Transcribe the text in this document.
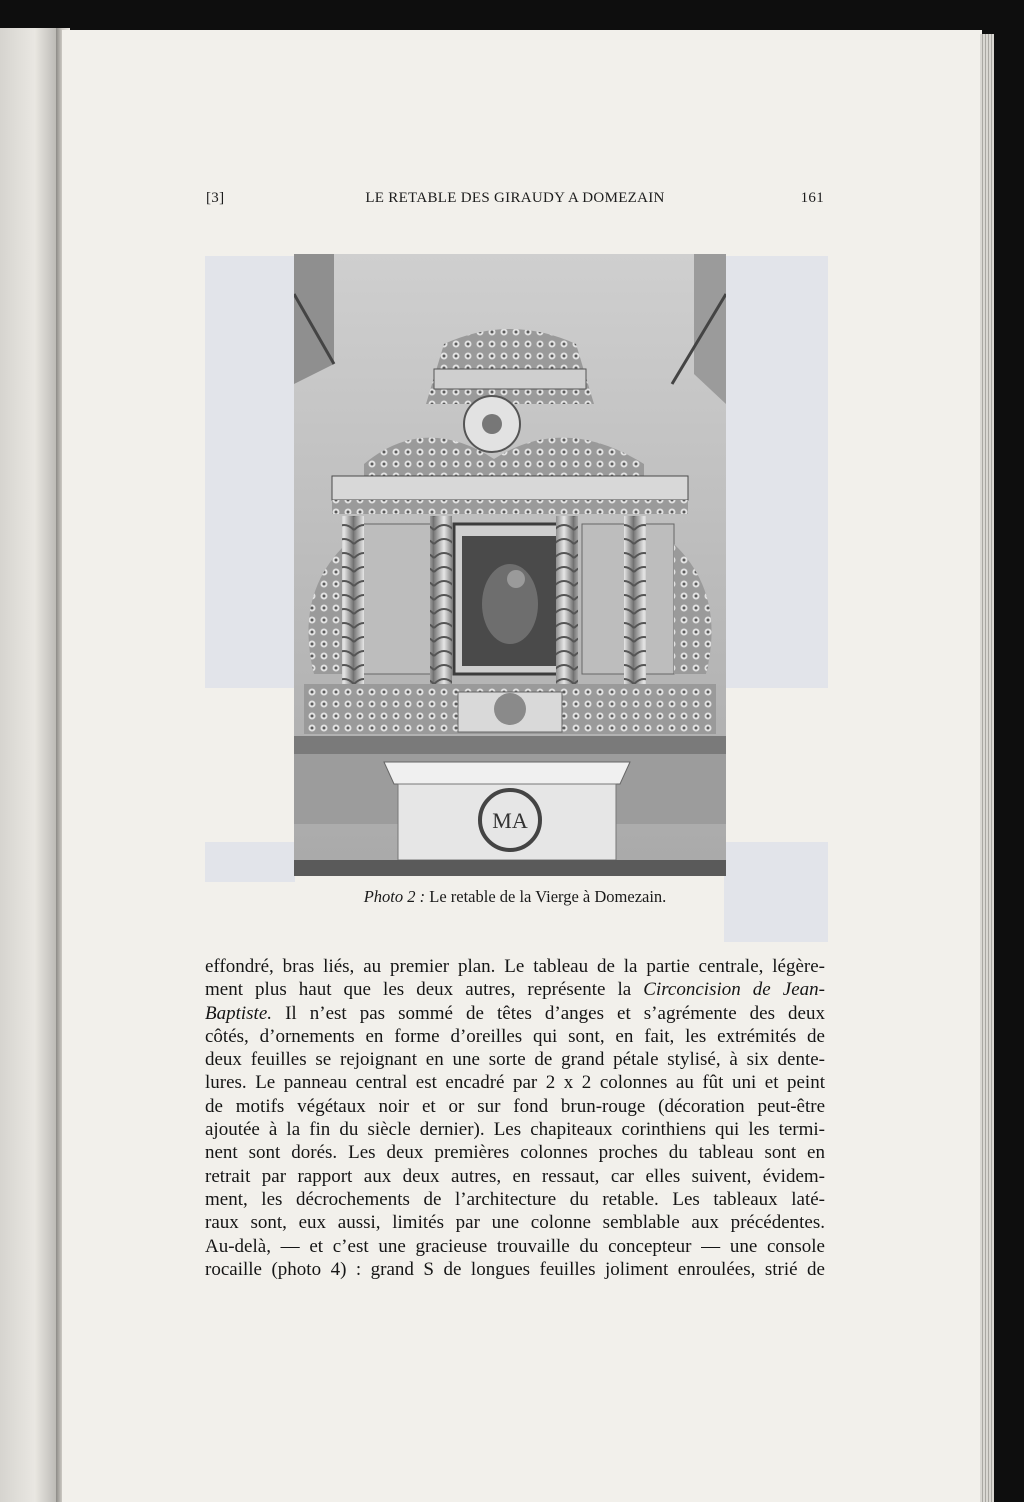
[3]	LE RETABLE DES GIRAUDY A DOMEZAIN	161
MA
Photo 2 : Le retable de la Vierge à Domezain.
effondré, bras liés, au premier plan. Le tableau de la partie centrale, légère-
ment plus haut que les deux autres, représente la Circoncision de Jean-
Baptiste. Il n’est pas sommé de têtes d’anges et s’agrémente des deux
côtés, d’ornements en forme d’oreilles qui sont, en fait, les extrémités de
deux feuilles se rejoignant en une sorte de grand pétale stylisé, à six dente-
lures. Le panneau central est encadré par 2 x 2 colonnes au fût uni et peint
de motifs végétaux noir et or sur fond brun-rouge (décoration peut-être
ajoutée à la fin du siècle dernier). Les chapiteaux corinthiens qui les termi-
nent sont dorés. Les deux premières colonnes proches du tableau sont en
retrait par rapport aux deux autres, en ressaut, car elles suivent, évidem-
ment, les décrochements de l’architecture du retable. Les tableaux laté-
raux sont, eux aussi, limités par une colonne semblable aux précédentes.
Au-delà, — et c’est une gracieuse trouvaille du concepteur — une console
rocaille (photo 4) : grand S de longues feuilles joliment enroulées, strié de
